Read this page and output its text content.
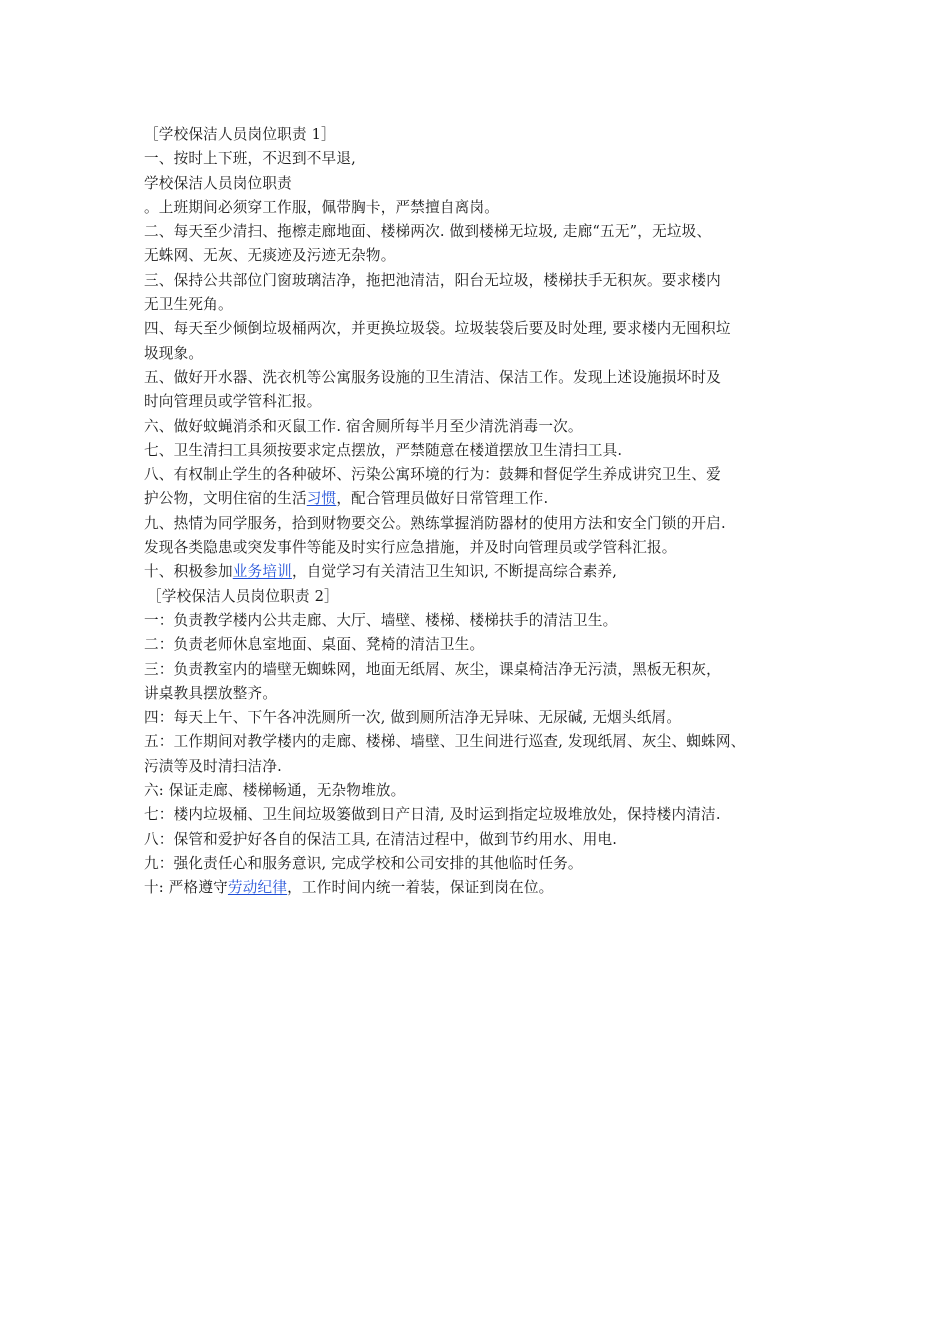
［学校保洁人员岗位职责 1］
一、按时上下班，不迟到不早退,
学校保洁人员岗位职责
。上班期间必须穿工作服，佩带胸卡，严禁擅自离岗。
二、每天至少清扫、拖檫走廊地面、楼梯两次. 做到楼梯无垃圾, 走廊“五无”，无垃圾、
无蛛网、无灰、无痰迹及污迹无杂物。
三、保持公共部位门窗玻璃洁净，拖把池清洁，阳台无垃圾，楼梯扶手无积灰。要求楼内
无卫生死角。
四、每天至少倾倒垃圾桶两次，并更换垃圾袋。垃圾装袋后要及时处理, 要求楼内无囤积垃
圾现象。
五、做好开水器、洗衣机等公寓服务设施的卫生清洁、保洁工作。发现上述设施损坏时及
时向管理员或学管科汇报。
六、做好蚊蝇消杀和灭鼠工作. 宿舍厕所每半月至少清洗消毒一次。
七、卫生清扫工具须按要求定点摆放，严禁随意在楼道摆放卫生清扫工具.
八、有权制止学生的各种破坏、污染公寓环境的行为：鼓舞和督促学生养成讲究卫生、爱
护公物，文明住宿的生活习惯，配合管理员做好日常管理工作.
九、热情为同学服务，拾到财物要交公。熟练掌握消防器材的使用方法和安全门锁的开启.
发现各类隐患或突发事件等能及时实行应急措施，并及时向管理员或学管科汇报。
十、积极参加业务培训，自觉学习有关清洁卫生知识, 不断提高综合素养,
［学校保洁人员岗位职责 2］
一：负责教学楼内公共走廊、大厅、墙壁、楼梯、楼梯扶手的清洁卫生。
二：负责老师休息室地面、桌面、凳椅的清洁卫生。
三：负责教室内的墙壁无蜘蛛网，地面无纸屑、灰尘，课桌椅洁净无污渍，黑板无积灰，
讲桌教具摆放整齐。
四：每天上午、下午各冲洗厕所一次, 做到厕所洁净无异味、无尿碱, 无烟头纸屑。
五：工作期间对教学楼内的走廊、楼梯、墙壁、卫生间进行巡查, 发现纸屑、灰尘、蜘蛛网、
污渍等及时清扫洁净.
六: 保证走廊、楼梯畅通，无杂物堆放。
七：楼内垃圾桶、卫生间垃圾篓做到日产日清, 及时运到指定垃圾堆放处，保持楼内清洁.
八：保管和爱护好各自的保洁工具, 在清洁过程中，做到节约用水、用电.
九：强化责任心和服务意识, 完成学校和公司安排的其他临时任务。
十: 严格遵守劳动纪律，工作时间内统一着装，保证到岗在位。
